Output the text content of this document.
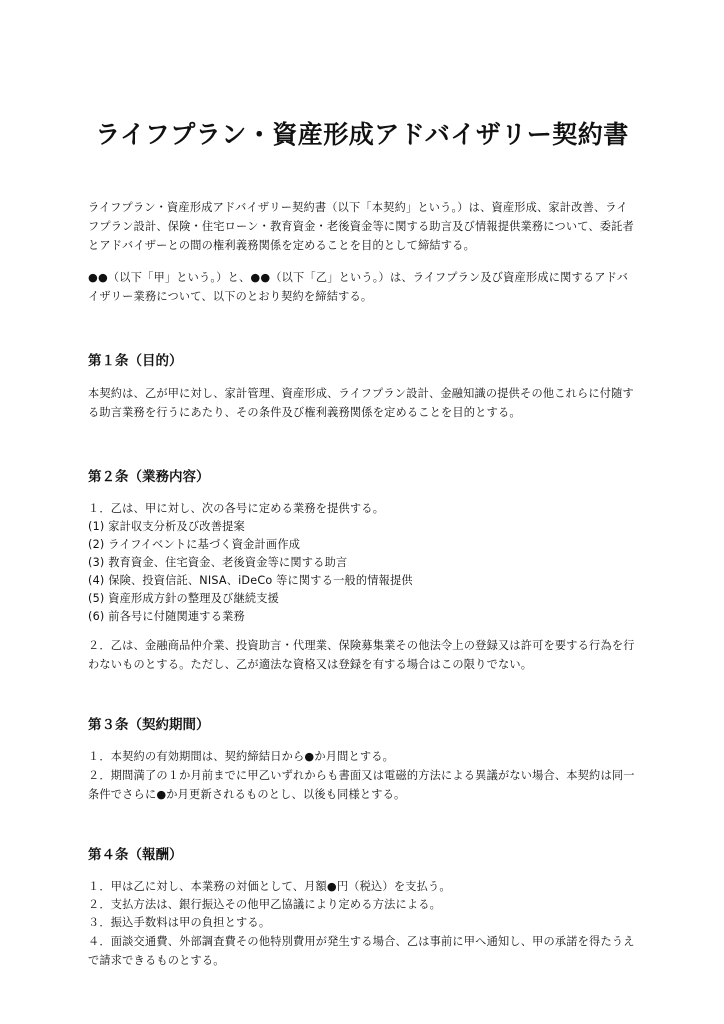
ライフプラン・資産形成アドバイザリー契約書

ライフプラン・資産形成アドバイザリー契約書（以下「本契約」という。）は、資産形成、家計改善、ライフプラン設計、保険・住宅ローン・教育資金・老後資金等に関する助言及び情報提供業務について、委託者とアドバイザーとの間の権利義務関係を定めることを目的として締結する。

●●（以下「甲」という。）と、●●（以下「乙」という。）は、ライフプラン及び資産形成に関するアドバイザリー業務について、以下のとおり契約を締結する。

第１条（目的）

本契約は、乙が甲に対し、家計管理、資産形成、ライフプラン設計、金融知識の提供その他これらに付随する助言業務を行うにあたり、その条件及び権利義務関係を定めることを目的とする。

第２条（業務内容）
１．乙は、甲に対し、次の各号に定める業務を提供する。
(1) 家計収支分析及び改善提案
(2) ライフイベントに基づく資金計画作成
(3) 教育資金、住宅資金、老後資金等に関する助言
(4) 保険、投資信託、NISA、iDeCo 等に関する一般的情報提供
(5) 資産形成方針の整理及び継続支援
(6) 前各号に付随関連する業務

２．乙は、金融商品仲介業、投資助言・代理業、保険募集業その他法令上の登録又は許可を要する行為を行わないものとする。ただし、乙が適法な資格又は登録を有する場合はこの限りでない。

第３条（契約期間）
１．本契約の有効期間は、契約締結日から●か月間とする。

２．期間満了の１か月前までに甲乙いずれからも書面又は電磁的方法による異議がない場合、本契約は同一条件でさらに●か月更新されるものとし、以後も同様とする。

第４条（報酬）
１．甲は乙に対し、本業務の対価として、月額●円（税込）を支払う。
２．支払方法は、銀行振込その他甲乙協議により定める方法による。
３．振込手数料は甲の負担とする。

４．面談交通費、外部調査費その他特別費用が発生する場合、乙は事前に甲へ通知し、甲の承諾を得たうえで請求できるものとする。
